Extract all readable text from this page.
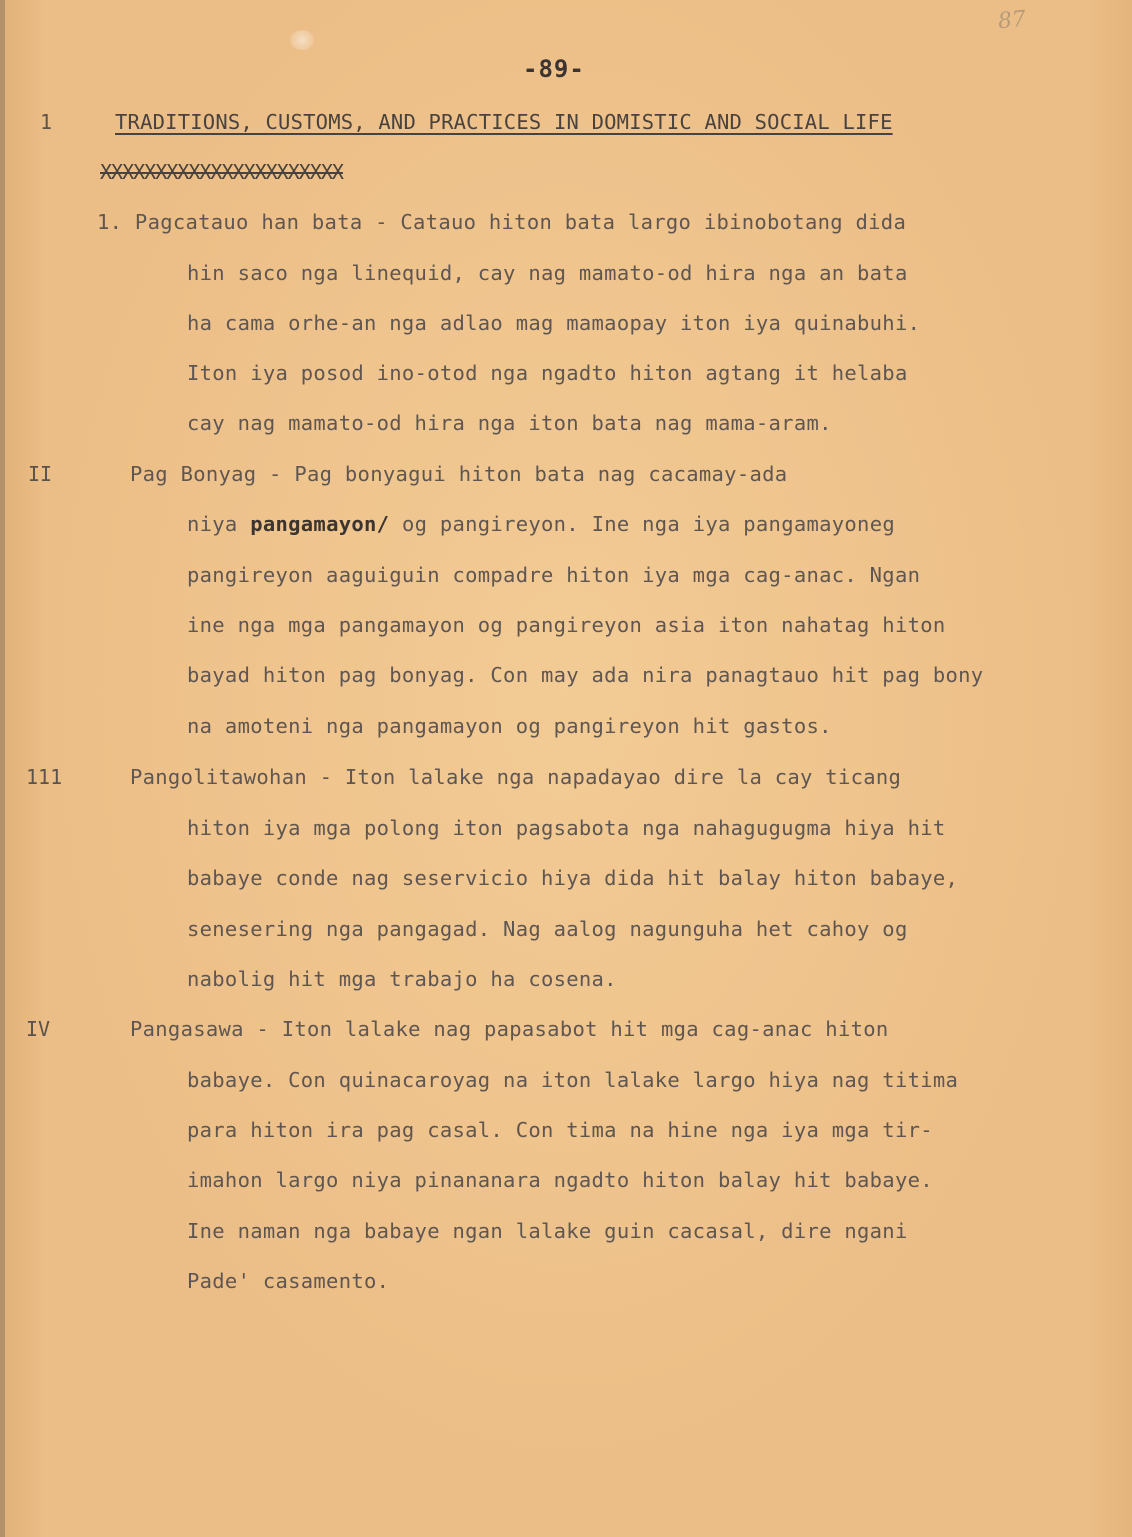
87
-89-
1	TRADITIONS, CUSTOMS, AND PRACTICES IN DOMISTIC AND SOCIAL LIFE
XXXXXXXXXXXXXXXXXXXXXX
1. Pagcatauo han bata - Catauo hiton bata largo ibinobotang dida
hin saco nga linequid, cay nag mamato-od hira nga an bata
ha cama orhe-an nga adlao mag mamaopay iton iya quinabuhi.
Iton iya posod ino-otod nga ngadto hiton agtang it helaba
cay nag mamato-od hira nga iton bata nag mama-aram.
II	Pag Bonyag - Pag bonyagui hiton bata nag cacamay-ada
niya pangamayon/ og pangireyon. Ine nga iya pangamayoneg
pangireyon aaguiguin compadre hiton iya mga cag-anac. Ngan
ine nga mga pangamayon og pangireyon asia iton nahatag hiton
bayad hiton pag bonyag. Con may ada nira panagtauo hit pag bony
na amoteni nga pangamayon og pangireyon hit gastos.
111	Pangolitawohan - Iton lalake nga napadayao dire la cay ticang
hiton iya mga polong iton pagsabota nga nahagugugma hiya hit
babaye conde nag seservicio hiya dida hit balay hiton babaye,
senesering nga pangagad. Nag aalog nagunguha het cahoy og
nabolig hit mga trabajo ha cosena.
IV	Pangasawa - Iton lalake nag papasabot hit mga cag-anac hiton
babaye. Con quinacaroyag na iton lalake largo hiya nag titima
para hiton ira pag casal. Con tima na hine nga iya mga tir-
imahon largo niya pinananara ngadto hiton balay hit babaye.
Ine naman nga babaye ngan lalake guin cacasal, dire ngani
Pade' casamento.
